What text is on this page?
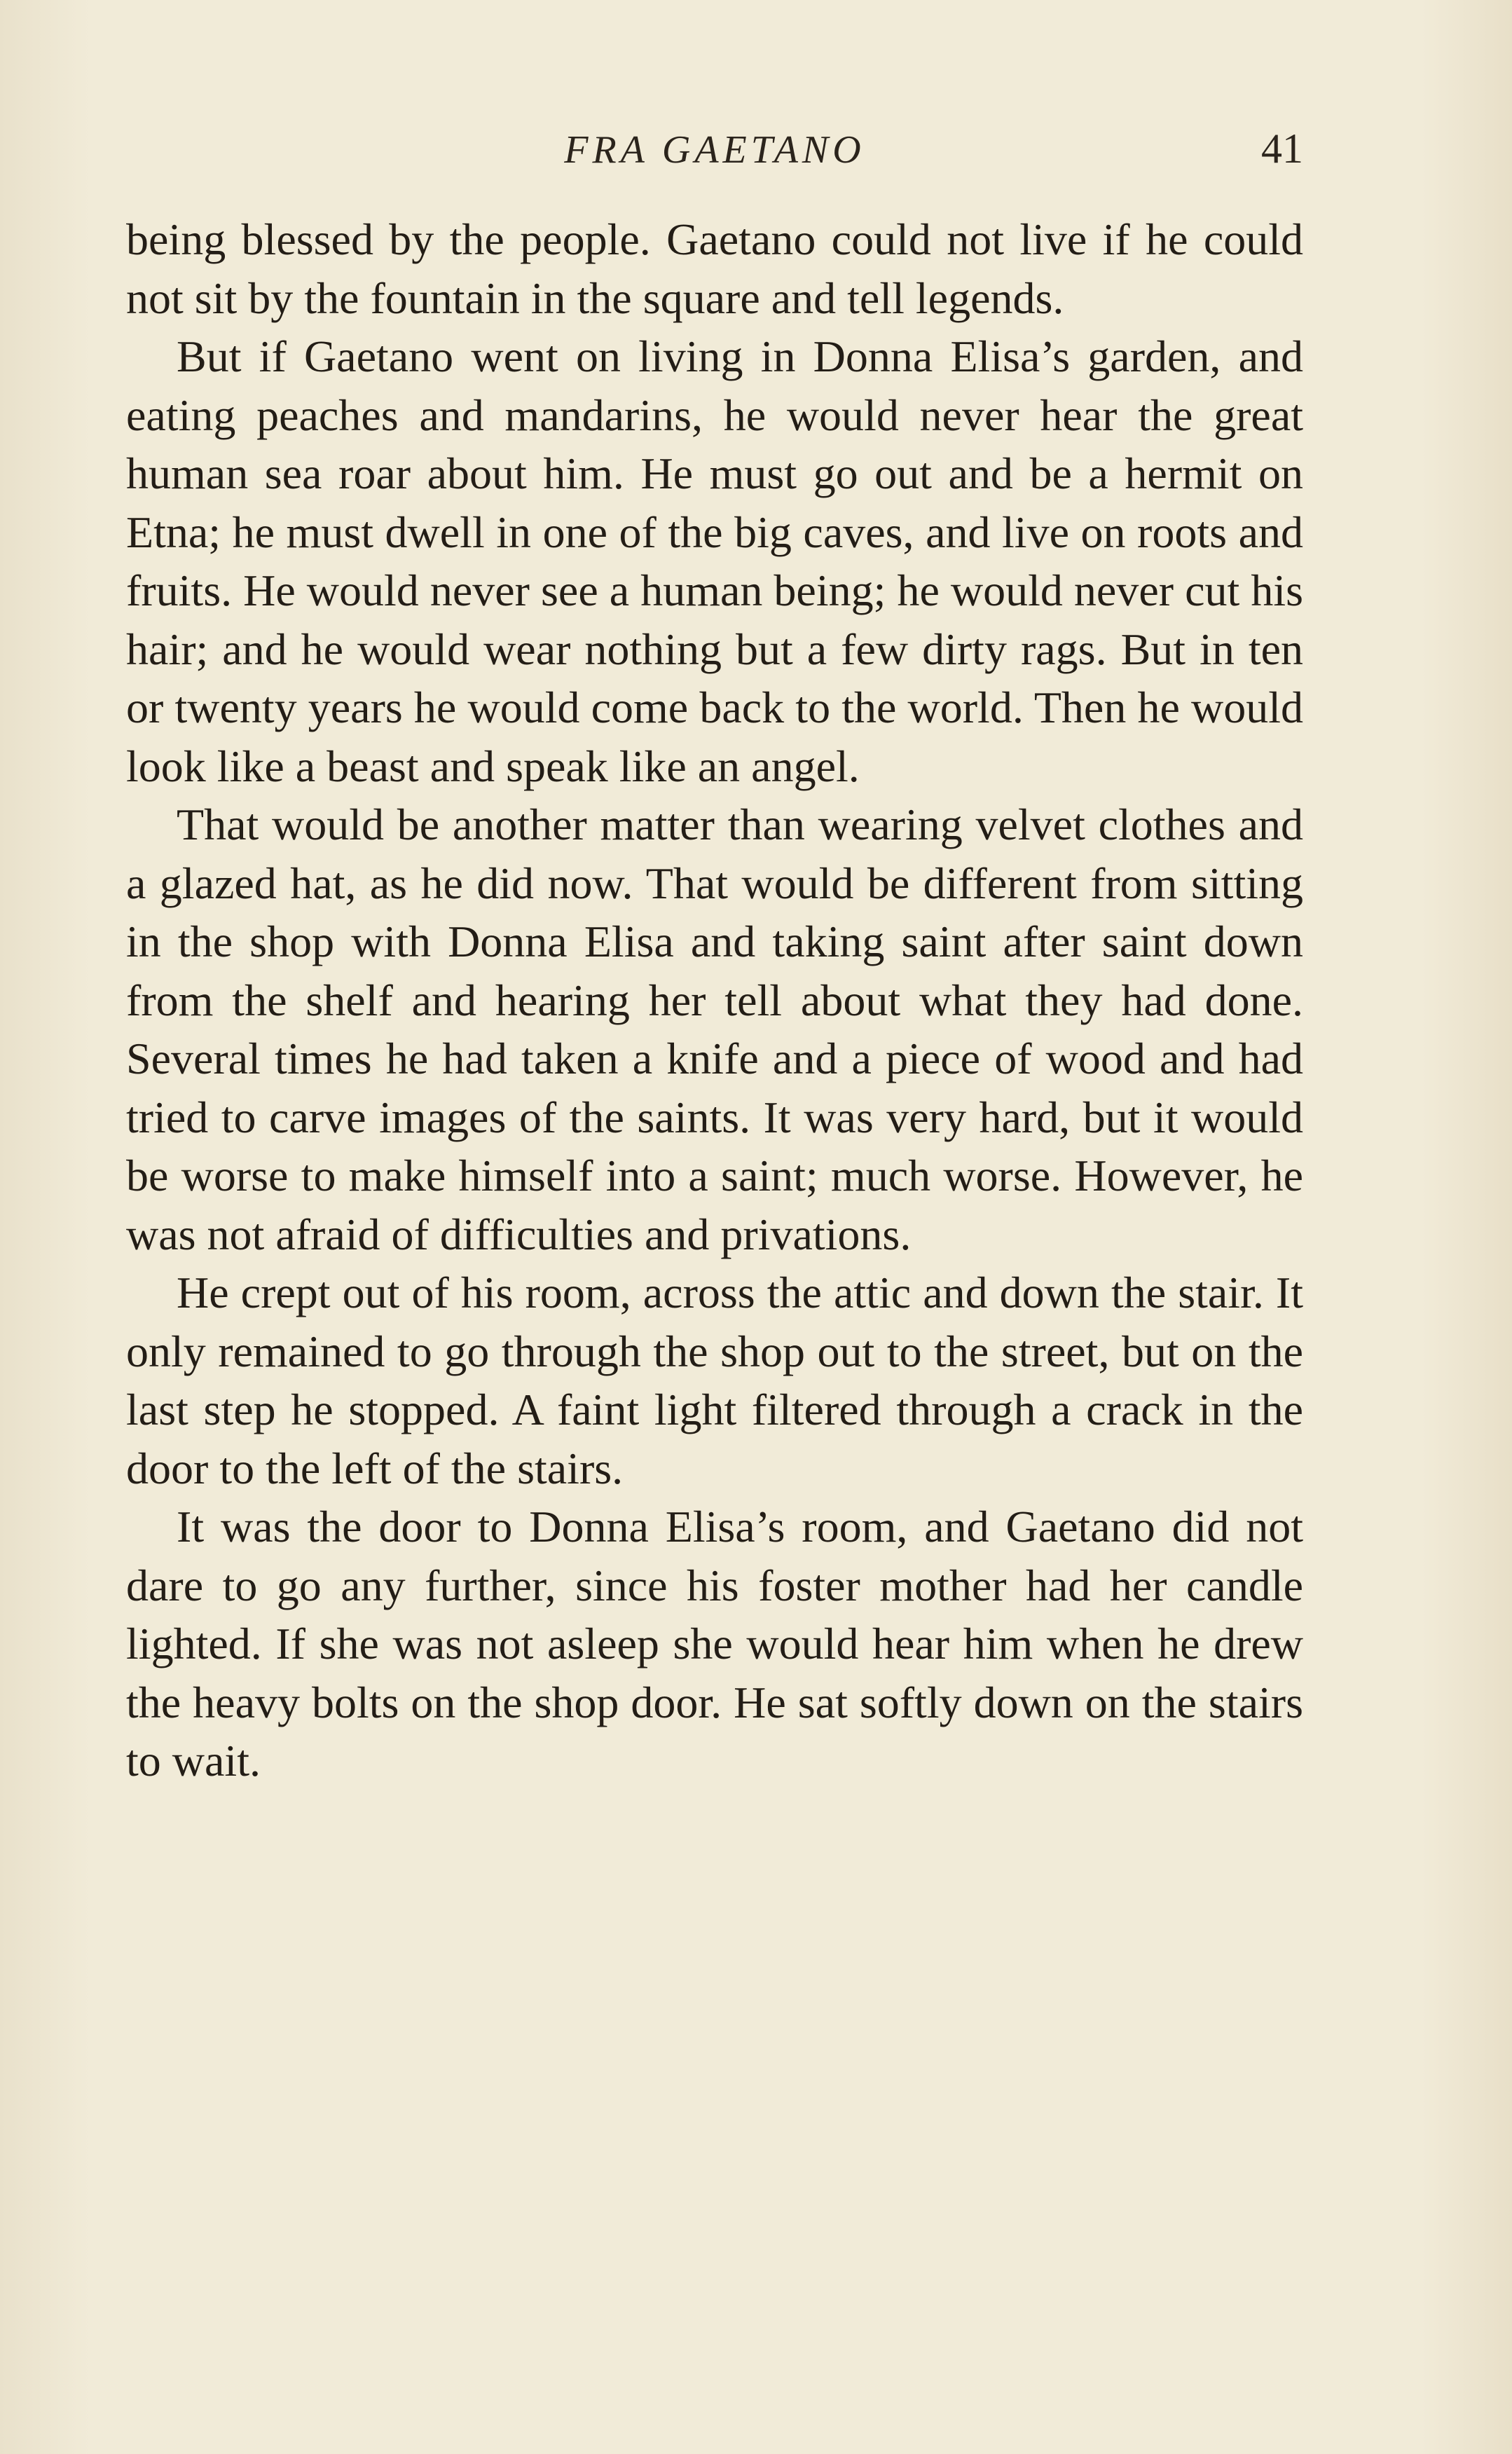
FRA GAETANO	41

being blessed by the people. Gaetano could not live if he could not sit by the fountain in the square and tell legends.

But if Gaetano went on living in Donna Elisa’s garden, and eating peaches and mandarins, he would never hear the great human sea roar about him. He must go out and be a hermit on Etna; he must dwell in one of the big caves, and live on roots and fruits. He would never see a human being; he would never cut his hair; and he would wear nothing but a few dirty rags. But in ten or twenty years he would come back to the world. Then he would look like a beast and speak like an angel.

That would be another matter than wearing velvet clothes and a glazed hat, as he did now. That would be different from sitting in the shop with Donna Elisa and taking saint after saint down from the shelf and hearing her tell about what they had done. Several times he had taken a knife and a piece of wood and had tried to carve images of the saints. It was very hard, but it would be worse to make himself into a saint; much worse. However, he was not afraid of difficulties and privations.

He crept out of his room, across the attic and down the stair. It only remained to go through the shop out to the street, but on the last step he stopped. A faint light filtered through a crack in the door to the left of the stairs.

It was the door to Donna Elisa’s room, and Gaetano did not dare to go any further, since his foster mother had her candle lighted. If she was not asleep she would hear him when he drew the heavy bolts on the shop door. He sat softly down on the stairs to wait.
